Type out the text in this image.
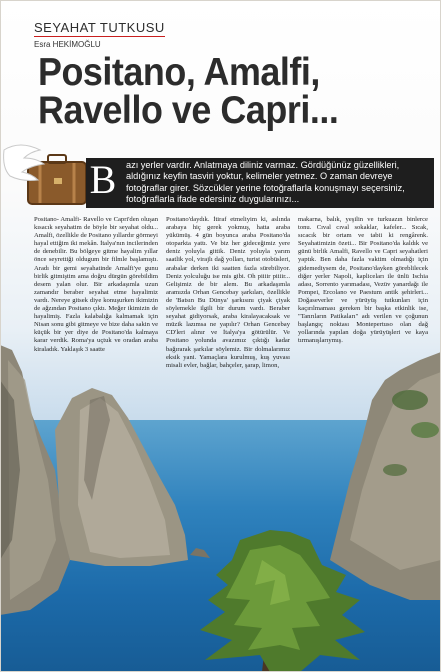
SEYAHAT TUTKUSU
Esra HEKİMOĞLU
Positano, Amalfi,
Ravello ve Capri...
azı yerler vardır. Anlatmaya diliniz varmaz. Gördüğünüz güzellikleri, aldığınız keyfin tasviri yoktur, kelimeler yetmez. O zaman devreye fotoğraflar girer. Sözcükler yerine fotoğraflarla konuşmayı seçersiniz, fotoğraflarla ifade edersiniz duygularınızı...
B
Positano- Amalfi- Ravello ve Capri'den oluşan kısacık seyahatim de böyle bir seyahat oldu... Amalfi, özellikle de Positano yıllardır görmeyi hayal ettiğim iki mekân. İtalya'nın incilerinden de denebilir. Bu bölgeye gitme hayalim yıllar önce seyrettiği oldugum bir filmle başlamıştı. Aradı bir gemi seyahatinde Amalfi'ye gunu birlik gitmiştim ama doğru dürgün görebildim desem yalan olur. Bir arkadaşımla uzun zamandır beraber seyahat etme hayalimiz vardı. Nereye gitsek diye konuşurken ikimizin de ağzından Positano çıktı. Meğer ikimizin de hayalimiş. Fazla kalabalığa kalmamak için Nisan sonu gibi gitmeye ve bize daha sakin ve küçük bir yer diye de Positano'da kalmaya karar verdik. Roma'ya uçtuk ve oradan araba kiraladık. Yaklaşık 3 saatte
Positano'daydık. İtiraf etmeliyim ki, aslında arabaya hiç gerek yokmuş, hatta araba yükümüş. 4 gün boyunca araba Positano'da otoparkta yattı. Ve biz her gideceğimiz yere deniz yoluyla gittik. Deniz yoluyla yarım saatlik yol, virajlı dağ yolları, turist otobüsleri, arabalar derken iki saatten fazla sürebiliyor. Deniz yolculuğu ise mis gibi. Oh piiiir piiiir... Gelişimiz de bir alem. Bu arkadaşımla aramızda Orhan Gencebay şarkıları, özellikle de 'Batsın Bu Dünya' şarkısını çiyak çiyak söylemekle ilgili bir durum vardı. Beraber seyahat gidiyorsak, araba kiralayacaksak ve müzik lazımsa ne yapılır? Orhan Gencebay CD'leri alınır ve İtalya'ya götürülür. Ve Positano yolunda avazımız çıktığı kadar bağırarak şarkılar söylemiz. Bir dolmalarımız eksik yani. Yamaçlara kurulmuş, kuş yuvası misali evler, bağlar, bahçeler, şarap, limon,
makarna, balık, yeşilin ve turkuazın binlerce tonu. Cıval cıval sokaklar, kafeler... Sıcak, sıcacık bir ortam ve tabii ki rengârenk. Seyahatimizin özeti... Bir Positano'da kaldık ve günü birlik Amalfi, Ravello ve Capri seyahatleri yaptık. Ben daha fazla vaktim olmadığı için gidemediysem de, Positano'dayken göreblilecek diğer yerler Napoli, kapliceları ile ünlü Ischia adası, Sorrento yarımadası, Vezüv yanardağı ile Pompei, Ercolano ve Paestum antik şehirleri... Doğaseverler ve yürüyüş tutkunları için kaçırılmaması gereken bir başka etkinlik ise, "Tanrıların Patikaları" adı verilen ve çoğunun başlangıç noktası Montepertuso olan dağ yollarında yapılan doğa yürüyüşleri ve kaya tırmanışlarıymış.
